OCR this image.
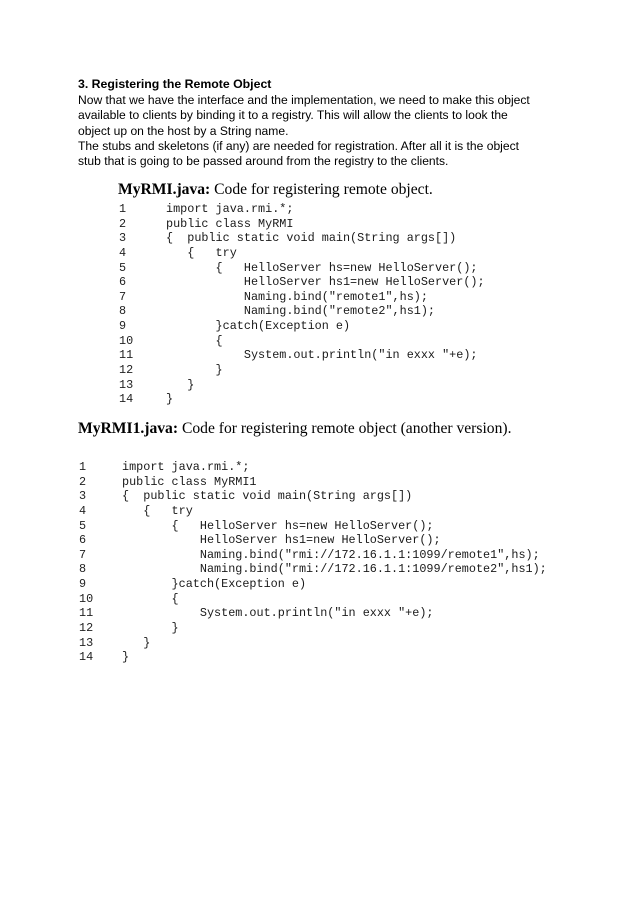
3. Registering the Remote Object
Now that we have the interface and the implementation, we need to make this object
available to clients by binding it to a registry. This will allow the clients to look the
object up on the host by a String name.
The stubs and skeletons (if any) are needed for registration. After all it is the object
stub that is going to be passed around from the registry to the clients.
MyRMI.java: Code for registering remote object.
1	import java.rmi.*;
2	public class MyRMI
3	{  public static void main(String args[])
4	{   try
5	{   HelloServer hs=new HelloServer();
6	HelloServer hs1=new HelloServer();
7	Naming.bind("remote1",hs);
8	Naming.bind("remote2",hs1);
9	}catch(Exception e)
10	{
11	System.out.println("in exxx "+e);
12	}
13	}
14	}
MyRMI1.java: Code for registering remote object (another version).
1	import java.rmi.*;
2	public class MyRMI1
3	{  public static void main(String args[])
4	{   try
5	{   HelloServer hs=new HelloServer();
6	HelloServer hs1=new HelloServer();
7	Naming.bind("rmi://172.16.1.1:1099/remote1",hs);
8	Naming.bind("rmi://172.16.1.1:1099/remote2",hs1);
9	}catch(Exception e)
10 {
11 System.out.println("in exxx "+e);
12 }
13 }
14 }
